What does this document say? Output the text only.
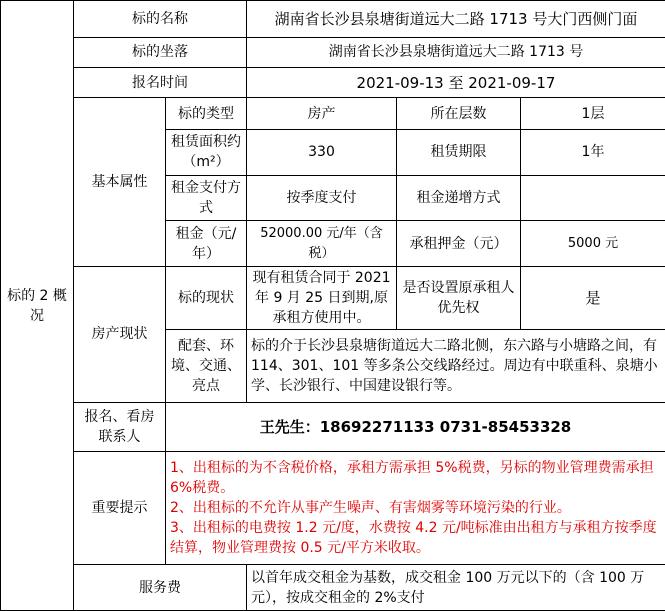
标的 2 概况	标的名称		湖南省长沙县泉塘街道远大二路 1713 号大门西侧门面		
	标的坐落		湖南省长沙县泉塘街道远大二路 1713 号		
	报名时间		2021-09-13 至 2021-09-17		
	基本属性	标的类型	房产	所在层数	1层
		租赁面积约（m²）	330	租赁期限	1年
		租金支付方式	按季度支付	租金递增方式	
		租金（元/年）	52000.00 元/年（含税）	承租押金（元）	5000 元
	房产现状	标的现状	现有租赁合同于 2021 年 9 月 25 日到期,原承租方使用中。	是否设置原承租人优先权	是
		配套、环境、交通、亮点	标的介于长沙县泉塘街道远大二路北侧，东六路与小塘路之间，有 114、301、101 等多条公交线路经过。周边有中联重科、泉塘小学、长沙银行、中国建设银行等。		
	报名、看房联系人	王先生：18692271133 0731-85453328			
	重要提示	1、出租标的为不含税价格，承租方需承担 5%税费，另标的物业管理费需承担 6%税费。
2、出租标的不允许从事产生噪声、有害烟雾等环境污染的行业。
3、出租标的电费按 1.2 元/度，水费按 4.2 元/吨标准由出租方与承租方按季度结算，物业管理费按 0.5 元/平方米收取。			

	服务费		以首年成交租金为基数，成交租金 100 万元以下的（含 100 万元），按成交租金的 2%支付		
